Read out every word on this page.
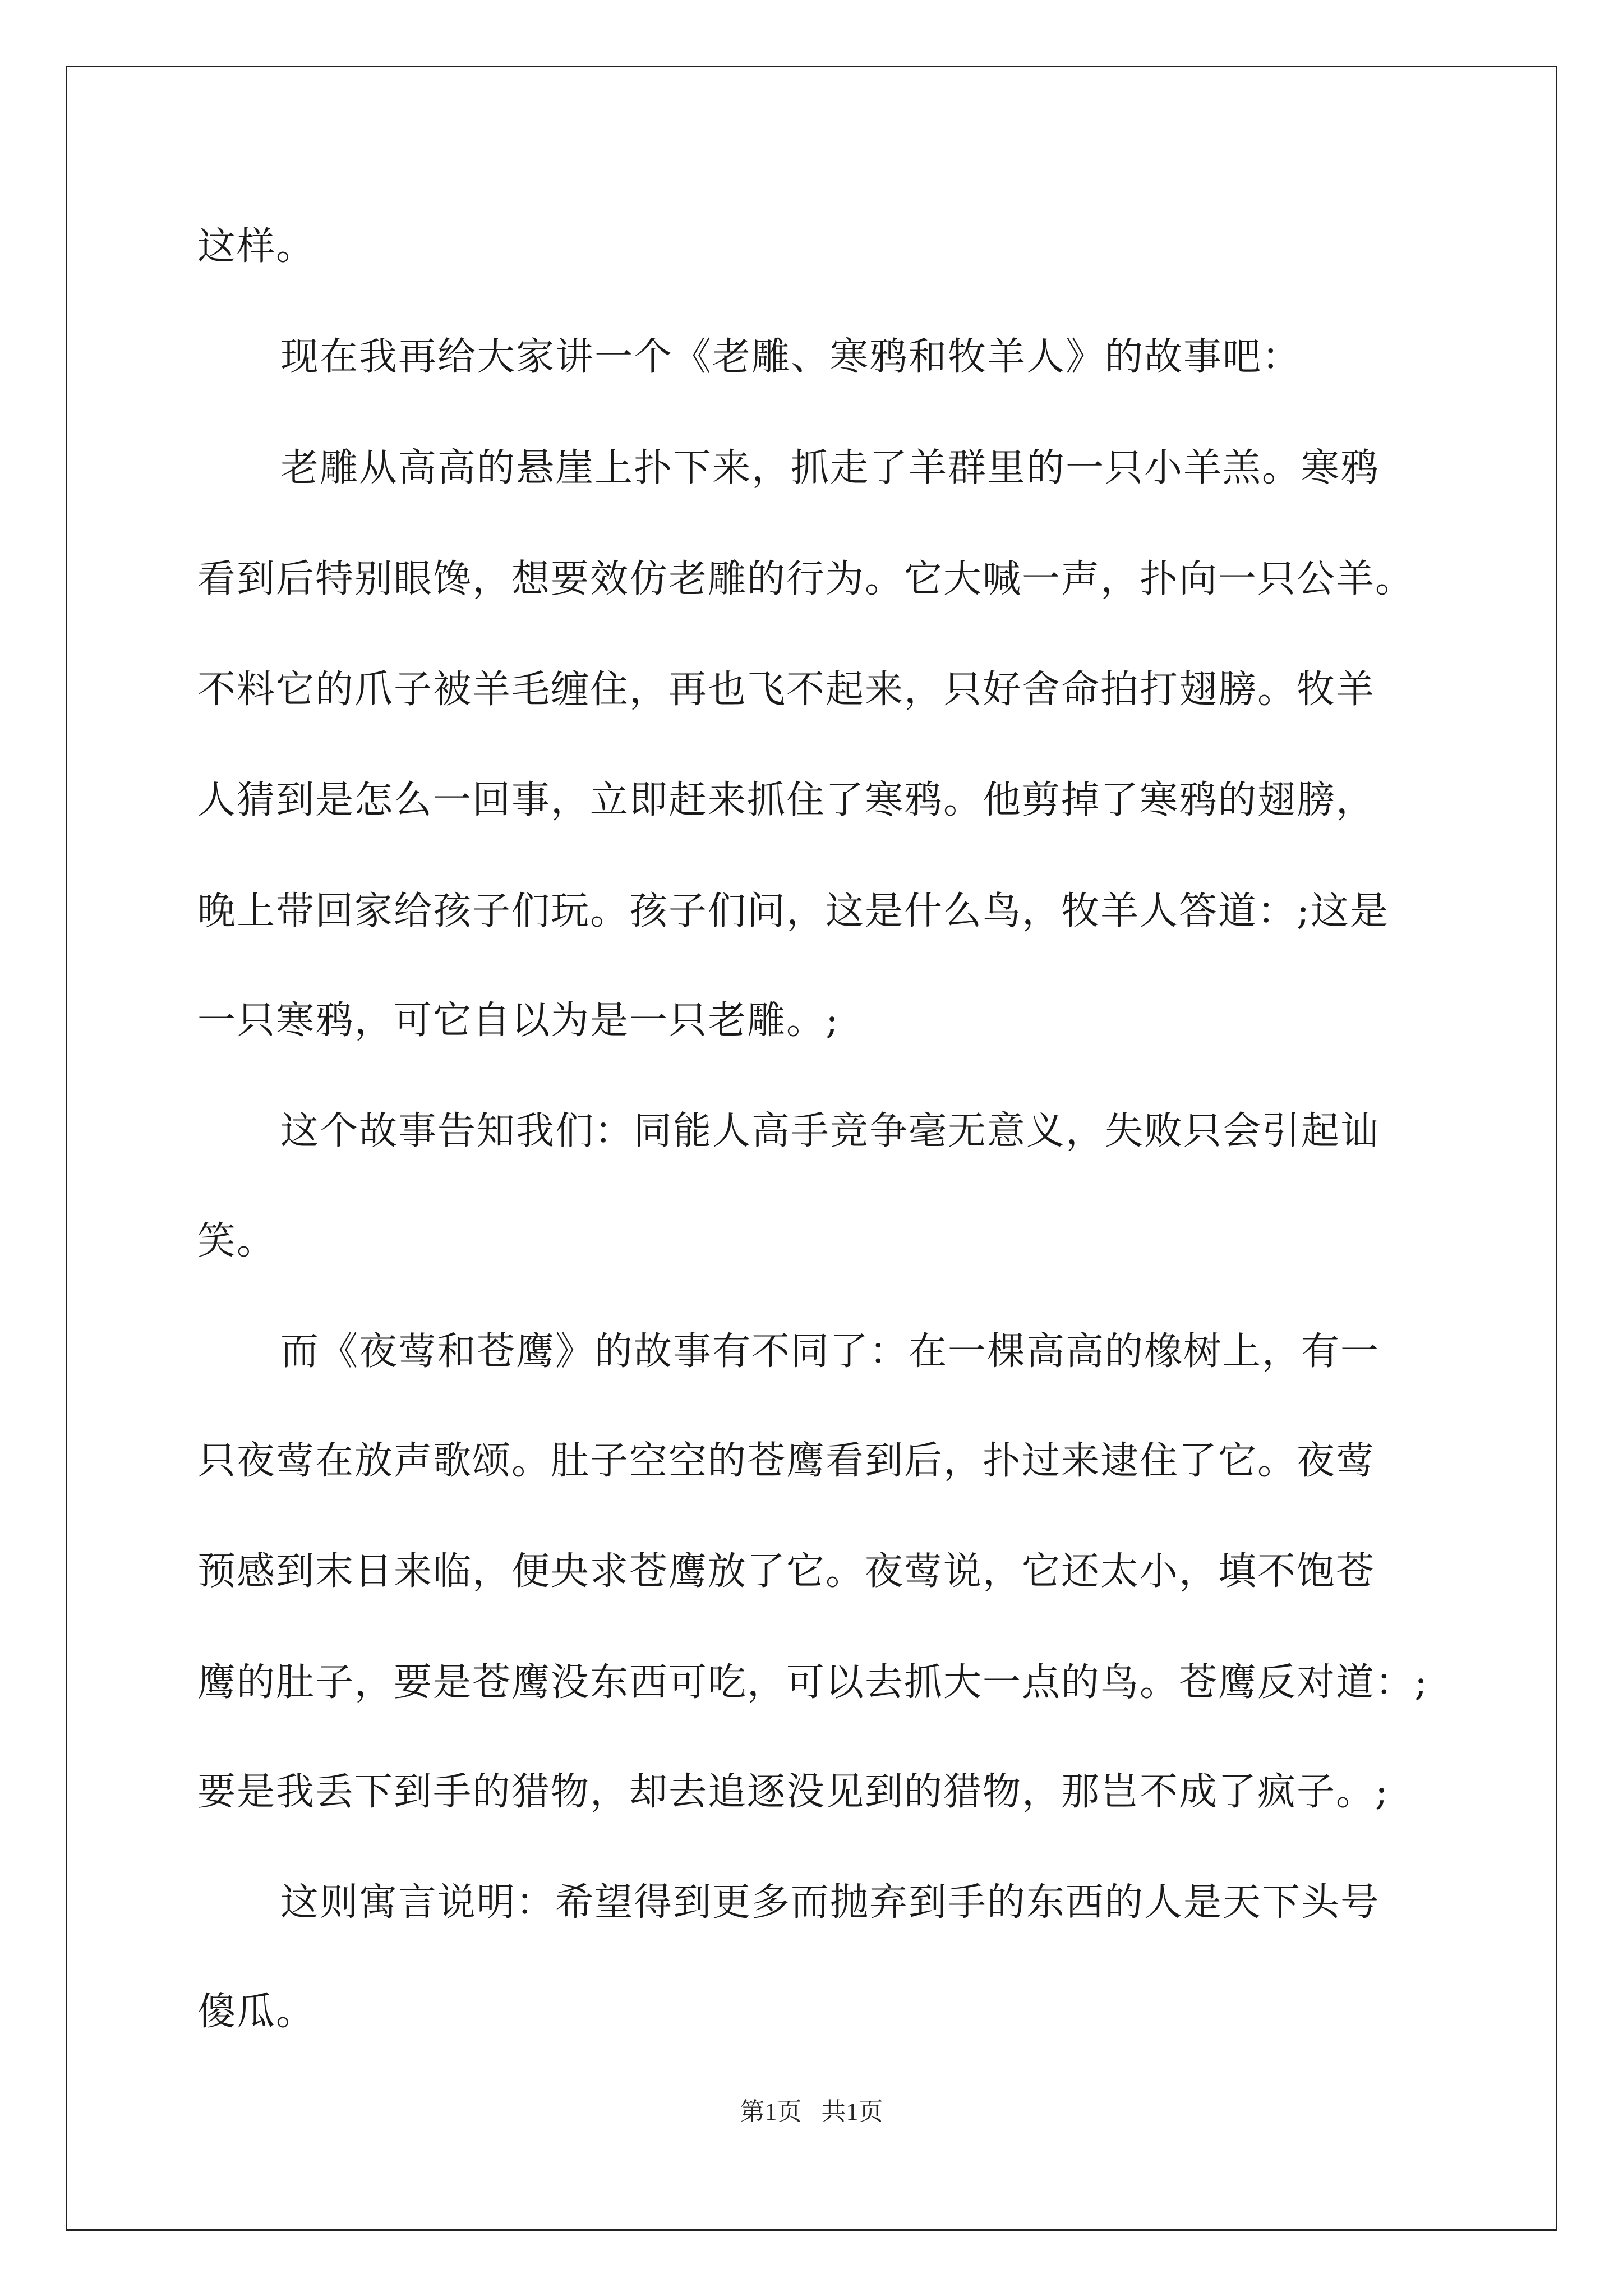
这样。
现在我再给大家讲一个《老雕、寒鸦和牧羊人》的故事吧：
老雕从高高的悬崖上扑下来，抓走了羊群里的一只小羊羔。寒鸦
看到后特别眼馋，想要效仿老雕的行为。它大喊一声，扑向一只公羊。
不料它的爪子被羊毛缠住，再也飞不起来，只好舍命拍打翅膀。牧羊
人猜到是怎么一回事，立即赶来抓住了寒鸦。他剪掉了寒鸦的翅膀，
晚上带回家给孩子们玩。孩子们问，这是什么鸟，牧羊人答道：;这是
一只寒鸦，可它自以为是一只老雕。;
这个故事告知我们：同能人高手竞争毫无意义，失败只会引起讪
笑。
而《夜莺和苍鹰》的故事有不同了：在一棵高高的橡树上，有一
只夜莺在放声歌颂。肚子空空的苍鹰看到后，扑过来逮住了它。夜莺
预感到末日来临，便央求苍鹰放了它。夜莺说，它还太小，填不饱苍
鹰的肚子，要是苍鹰没东西可吃，可以去抓大一点的鸟。苍鹰反对道：;
要是我丢下到手的猎物，却去追逐没见到的猎物，那岂不成了疯子。;
这则寓言说明：希望得到更多而抛弃到手的东西的人是天下头号
傻瓜。
第1页 共1页
